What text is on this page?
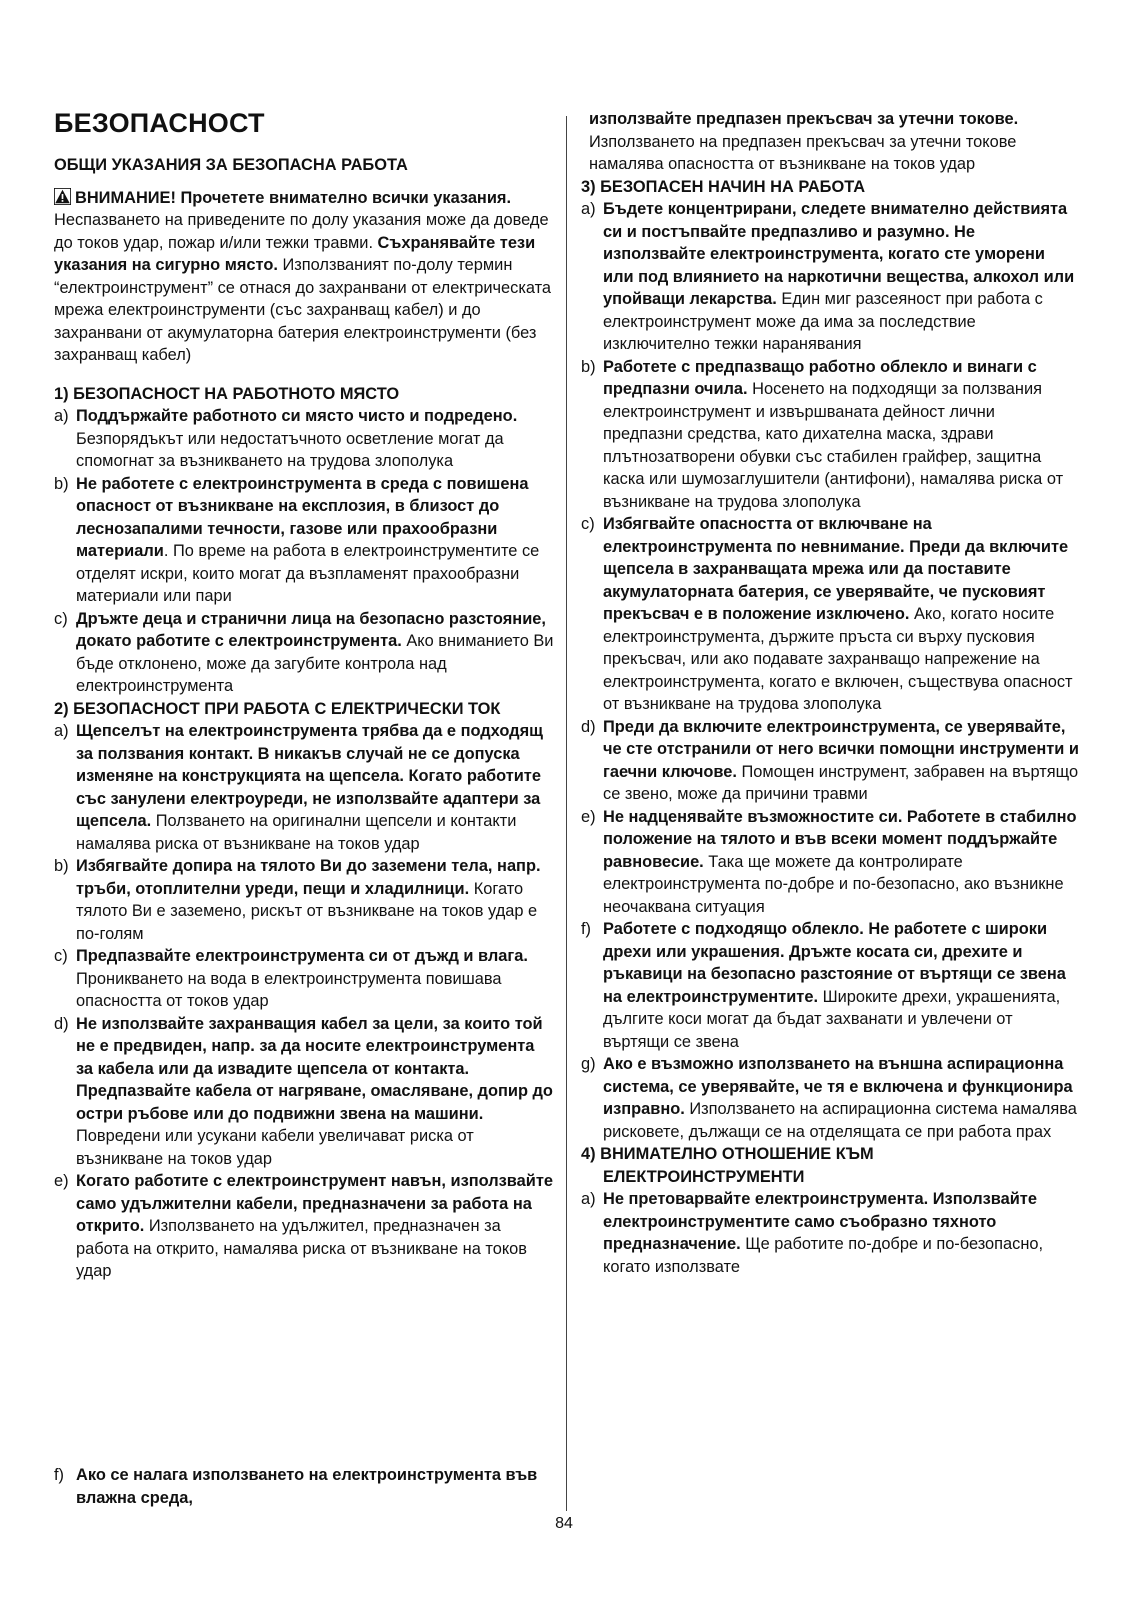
БЕЗОПАСНОСТ
ОБЩИ УКАЗАНИЯ ЗА БЕЗОПАСНА РАБОТА

ВНИМАНИЕ! Прочетете внимателно всички указания. Неспазването на приведените по долу указания може да доведе до токов удар, пожар и/или тежки травми. Съхранявайте тези указания на сигурно място. Използваният по-долу термин “електроинструмент” се отнася до захранвани от електрическата мрежа електроинструменти (със захранващ кабел) и до захранвани от акумулаторна батерия електроинструменти (без захранващ кабел)

1) БЕЗОПАСНОСТ НА РАБОТНОТО МЯСТО
a) Поддържайте работното си място чисто и подредено. Безпорядъкът или недостатъчното осветление могат да спомогнат за възникването на трудова злополука
b) Не работете с електроинструмента в среда с повишена опасност от възникване на експлозия, в близост до леснозапалими течности, газове или прахообразни материали. По време на работа в електроинструментите се отделят искри, които могат да възпламенят прахообразни материали или пари
c) Дръжте деца и странични лица на безопасно разстояние, докато работите с електроинструмента. Ако вниманието Ви бъде отклонено, може да загубите контрола над електроинструмента
2) БЕЗОПАСНОСТ ПРИ РАБОТА С ЕЛЕКТРИЧЕСКИ ТОК
a) Щепселът на електроинструмента трябва да е подходящ за ползвания контакт. В никакъв случай не се допуска изменяне на конструкцията на щепсела. Когато работите със занулени електроуреди, не използвайте адаптери за щепсела. Ползването на оригинални щепсели и контакти намалява риска от възникване на токов удар
b) Избягвайте допира на тялото Ви до заземени тела, напр. тръби, отоплителни уреди, пещи и хладилници. Когато тялото Ви е заземено, рискът от възникване на токов удар е по-голям
c) Предпазвайте електроинструмента си от дъжд и влага. Проникването на вода в електроинструмента повишава опасността от токов удар
d) Не използвайте захранващия кабел за цели, за които той не е предвиден, напр. за да носите електроинструмента за кабела или да извадите щепсела от контакта. Предпазвайте кабела от нагряване, омасляване, допир до остри ръбове или до подвижни звена на машини. Повредени или усукани кабели увеличават риска от възникване на токов удар
e) Когато работите с електроинструмент навън, използвайте само удължителни кабели, предназначени за работа на открито. Използването на удължител, предназначен за работа на открито, намалява риска от възникване на токов удар
f) Ако се налага използването на електроинструмента във влажна среда,
използвайте предпазен прекъсвач за утечни токове. Използването на предпазен прекъсвач за утечни токове намалява опасността от възникване на токов удар
3) БЕЗОПАСЕН НАЧИН НА РАБОТА
a) Бъдете концентрирани, следете внимателно действията си и постъпвайте предпазливо и разумно. Не използвайте електроинструмента, когато сте уморени или под влиянието на наркотични вещества, алкохол или упойващи лекарства. Един миг разсеяност при работа с електроинструмент може да има за последствие изключително тежки наранявания
b) Работете с предпазващо работно облекло и винаги с предпазни очила. Носенето на подходящи за ползвания електроинструмент и извършваната дейност лични предпазни средства, като дихателна маска, здрави плътнозатворени обувки със стабилен грайфер, защитна каска или шумозаглушители (антифони), намалява риска от възникване на трудова злополука
c) Избягвайте опасността от включване на електроинструмента по невнимание. Преди да включите щепсела в захранващата мрежа или да поставите акумулаторната батерия, се уверявайте, че пусковият прекъсвач е в положение изключено. Ако, когато носите електроинструмента, държите пръста си върху пусковия прекъсвач, или ако подавате захранващо напрежение на електроинструмента, когато е включен, съществува опасност от възникване на трудова злополука
d) Преди да включите електроинструмента, се уверявайте, че сте отстранили от него всички помощни инструменти и гаечни ключове. Помощен инструмент, забравен на въртящо се звено, може да причини травми
e) Не надценявайте възможностите си. Работете в стабилно положение на тялото и във всеки момент поддържайте равновесие. Така ще можете да контролирате електроинструмента по-добре и по-безопасно, ако възникне неочаквана ситуация
f) Работете с подходящо облекло. Не работете с широки дрехи или украшения. Дръжте косата си, дрехите и ръкавици на безопасно разстояние от въртящи се звена на електроинструментите. Широките дрехи, украшенията, дългите коси могат да бъдат захванати и увлечени от въртящи се звена
g) Ако е възможно използването на външна аспирационна система, се уверявайте, че тя е включена и функционира изправно. Използването на аспирационна система намалява рисковете, дължащи се на отделящата се при работа прах
4) ВНИМАТЕЛНО ОТНОШЕНИЕ КЪМ ЕЛЕКТРОИНСТРУМЕНТИ
a) Не претоварвайте електроинструмента. Използвайте електроинструментите само съобразно тяхното предназначение. Ще работите по-добре и по-безопасно, когато използвате
84
